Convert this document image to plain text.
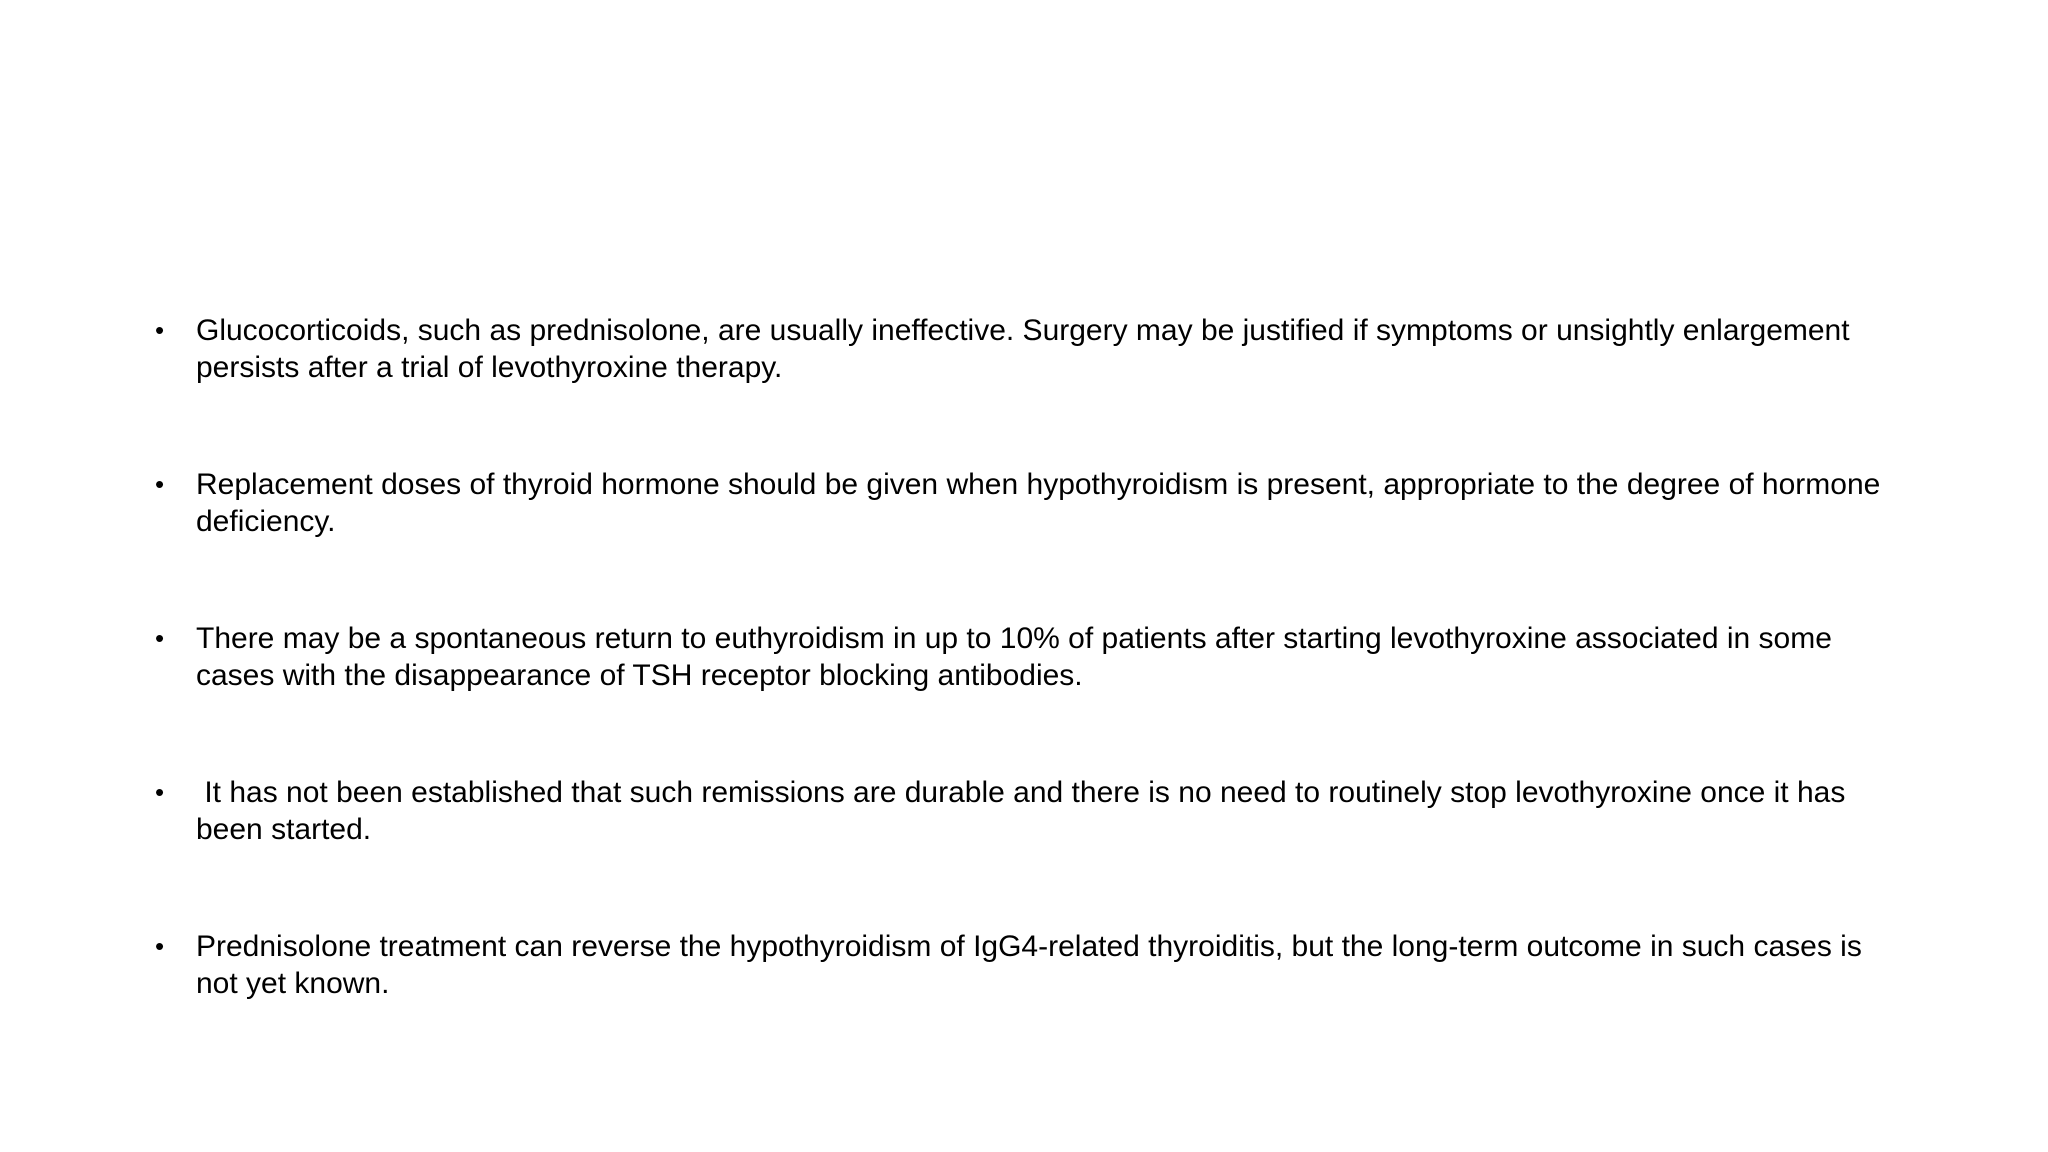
• Glucocorticoids, such as prednisolone, are usually ineffective. Surgery may be justified if symptoms or unsightly enlargement persists after a trial of levothyroxine therapy.
• Replacement doses of thyroid hormone should be given when hypothyroidism is present, appropriate to the degree of hormone deficiency.
• There may be a spontaneous return to euthyroidism in up to 10% of patients after starting levothyroxine associated in some cases with the disappearance of TSH receptor blocking antibodies.
• It has not been established that such remissions are durable and there is no need to routinely stop levothyroxine once it has been started.
• Prednisolone treatment can reverse the hypothyroidism of IgG4-related thyroiditis, but the long-term outcome in such cases is not yet known.
